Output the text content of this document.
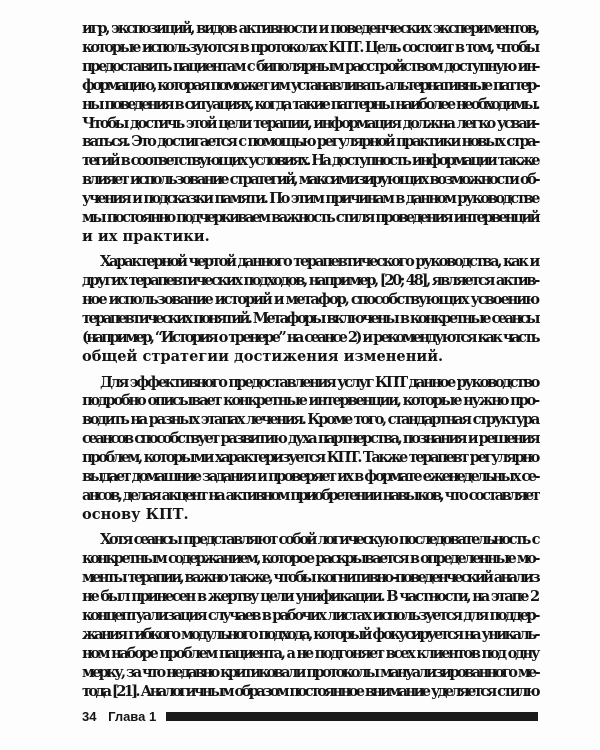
игр, экспозиций, видов активности и поведенческих экспериментов,
которые используются в протоколах КПТ. Цель состоит в том, чтобы
предоставить пациентам с биполярным расстройством доступную ин-
формацию, которая поможет им устанавливать альтернативные паттер-
ны поведения в ситуациях, когда такие паттерны наиболее необходимы.
Чтобы достичь этой цели терапии, информация должна легко усваи-
ваться. Это достигается с помощью регулярной практики новых стра-
тегий в соответствующих условиях. На доступность информации также
влияет использование стратегий, максимизирующих возможности об-
учения и подсказки памяти. По этим причинам в данном руководстве
мы постоянно подчеркиваем важность стиля проведения интервенций
и их практики.

Характерной чертой данного терапевтического руководства, как и
других терапевтических подходов, например, [20; 48], является актив-
ное использование историй и метафор, способствующих усвоению
терапевтических понятий. Метафоры включены в конкретные сеансы
(например, “История о тренере” на сеансе 2) и рекомендуются как часть
общей стратегии достижения изменений.

Для эффективного предоставления услуг КПТ данное руководство
подробно описывает конкретные интервенции, которые нужно про-
водить на разных этапах лечения. Кроме того, стандартная структура
сеансов способствует развитию духа партнерства, познания и решения
проблем, которыми характеризуется КПТ. Также терапевт регулярно
выдает домашние задания и проверяет их в формате еженедельных се-
ансов, делая акцент на активном приобретении навыков, что составляет
основу КПТ.

Хотя сеансы представляют собой логическую последовательность с
конкретным содержанием, которое раскрывается в определенные мо-
менты терапии, важно также, чтобы когнитивно-поведенческий анализ
не был принесен в жертву цели унификации. В частности, на этапе 2
концептуализация случаев в рабочих листах используется для поддер-
жания гибкого модульного подхода, который фокусируется на уникаль-
ном наборе проблем пациента, а не подгоняет всех клиентов под одну
мерку, за что недавно критиковали протоколы мануализированного ме-
тода [21]. Аналогичным образом постоянное внимание уделяется стилю

34 Глава 1
